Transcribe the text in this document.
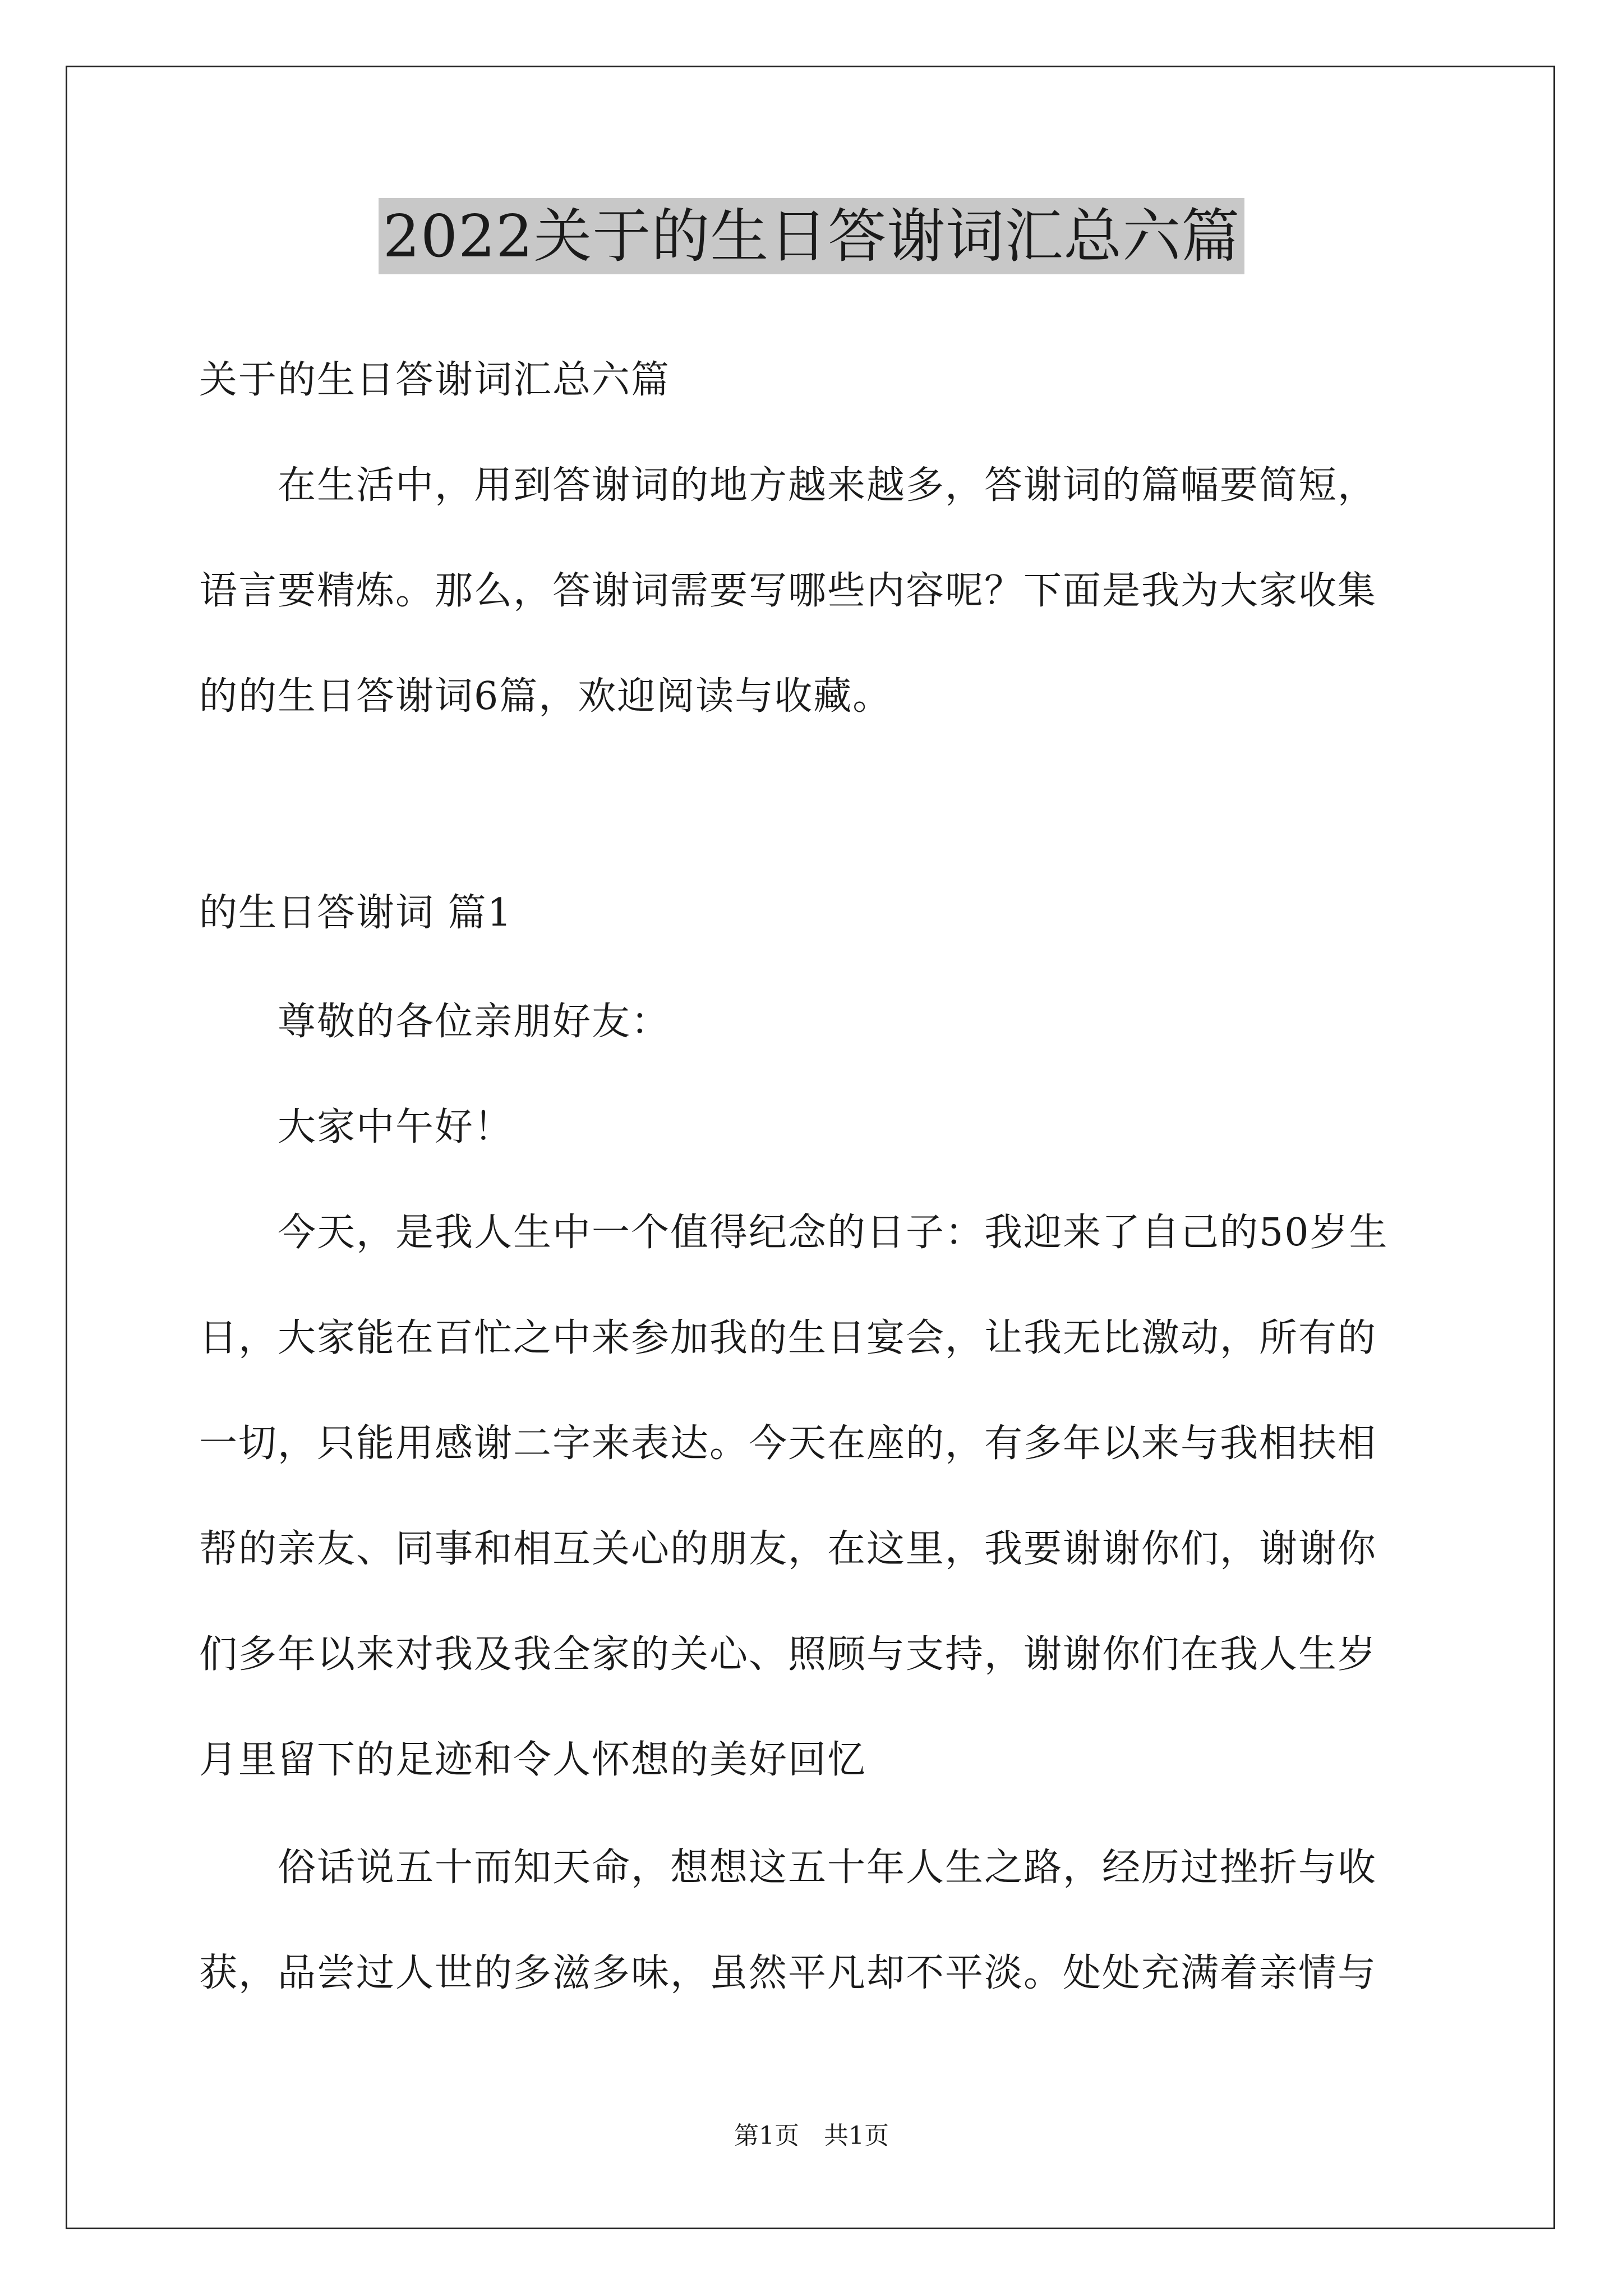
2022关于的生日答谢词汇总六篇
关于的生日答谢词汇总六篇
　　在生活中，用到答谢词的地方越来越多，答谢词的篇幅要简短，
语言要精炼。那么，答谢词需要写哪些内容呢？下面是我为大家收集
的的生日答谢词6篇，欢迎阅读与收藏。
的生日答谢词 篇1
　　尊敬的各位亲朋好友：
　　大家中午好！
　　今天，是我人生中一个值得纪念的日子：我迎来了自己的50岁生
日，大家能在百忙之中来参加我的生日宴会，让我无比激动，所有的
一切，只能用感谢二字来表达。今天在座的，有多年以来与我相扶相
帮的亲友、同事和相互关心的朋友，在这里，我要谢谢你们，谢谢你
们多年以来对我及我全家的关心、照顾与支持，谢谢你们在我人生岁
月里留下的足迹和令人怀想的美好回忆
　　俗话说五十而知天命，想想这五十年人生之路，经历过挫折与收
获，品尝过人世的多滋多味，虽然平凡却不平淡。处处充满着亲情与
第1页　共1页
